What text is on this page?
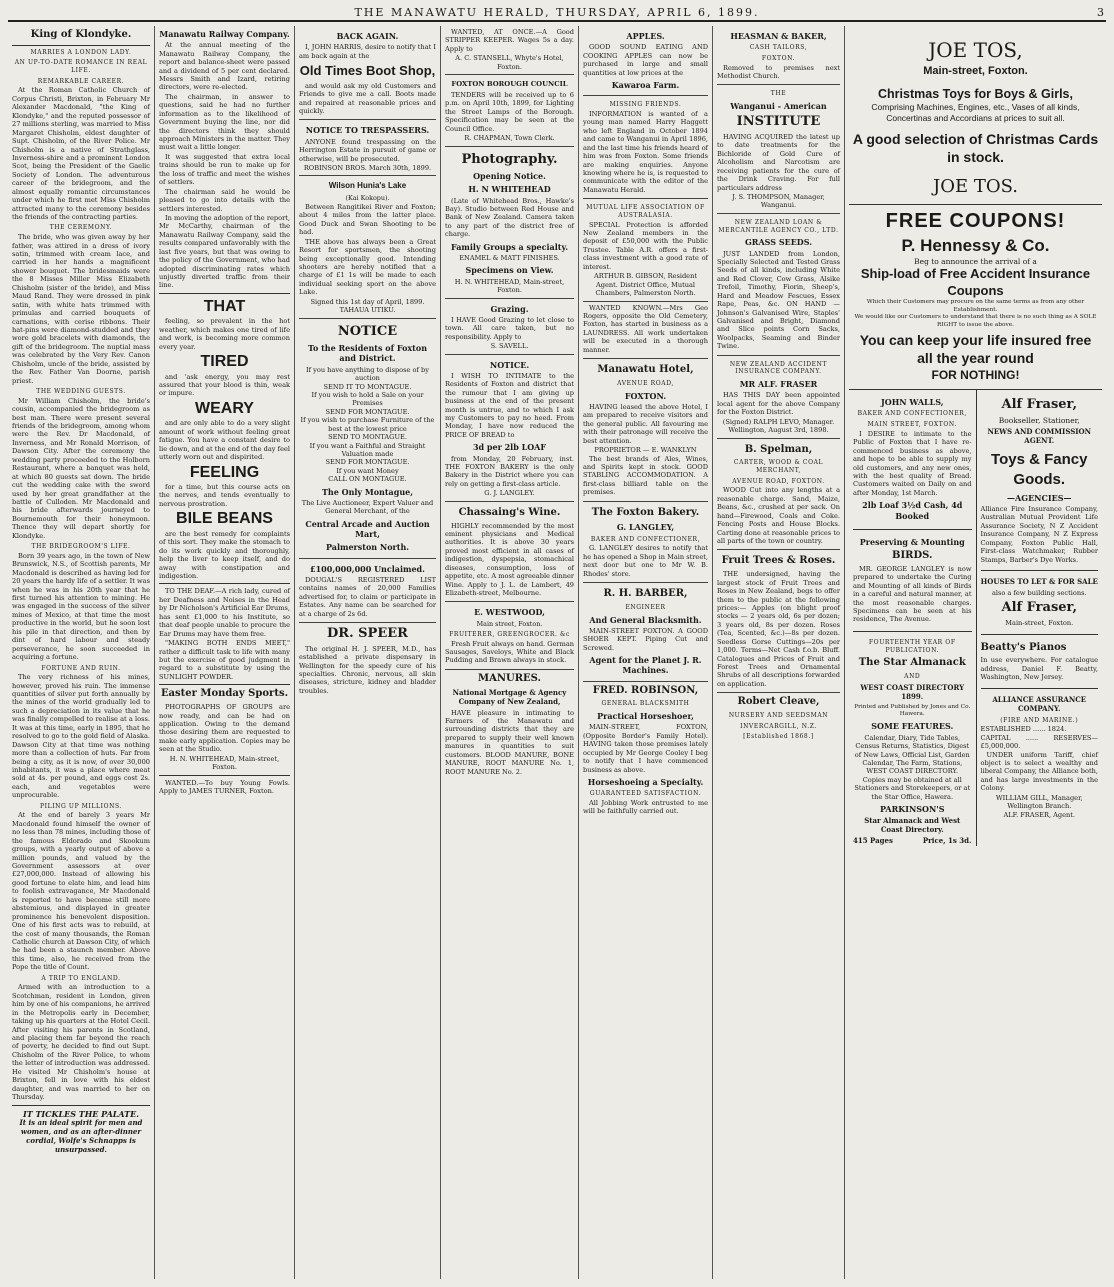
THE MANAWATU HERALD, THURSDAY, APRIL 6, 1899.	3
King of Klondyke.
MARRIES A LONDON LADY.
AN UP-TO-DATE ROMANCE IN REAL LIFE.
REMARKABLE CAREER.

At the Roman Catholic Church of Corpus Christi, Brixton, in February Mr Alexander Macdonald, "the King of Klondyke," and the reputed possessor of 27 millions sterling, was married to Miss Margaret Chisholm, eldest daughter of Supt. Chisholm, of the River Police. Mr Chisholm is a native of Strathglass, Inverness-shire and a prominent London Scot, being the President of the Gaelic Society of London. The adventurous career of the bridegroom, and the almost equally romantic circumstances under which he first met Miss Chisholm attracted many to the ceremony besides the friends of the contracting parties.

THE CEREMONY.

The bride, who was given away by her father, was attired in a dress of ivory satin, trimmed with cream lace, and carried in her hands a magnificent shower bouquet. The bridesmaids were the 8 Misses Miller Miss Elizabeth Chisholm (sister of the bride), and Miss Maud Rand. They were dressed in pink satin, with white hats trimmed with primulas and carried bouquets of carnations, with cerise ribbons. Their hat-pins were diamond-studded and they wore gold bracelets with diamonds, the gift of the bridegroom. The nuptial mass was celebrated by the Very Rev. Canon Chisholm, uncle of the bride, assisted by the Rev. Father Van Doorne, parish priest.

THE WEDDING GUESTS.

Mr William Chisholm, the bride's cousin, accompanied the bridegroom as best man. There were present several friends of the bridegroom, among whom were the Rev. Dr Macdonald, of Inverness, and Mr Ronald Morrison, of Dawson City. After the ceremony the wedding party proceeded to the Holborn Restaurant, where a banquet was held, at which 80 guests sat down. The bride cut the wedding cake with the sword used by her great grandfather at the battle of Culloden. Mr Macdonald and his bride afterwards journeyed to Bournemouth for their honeymoon. Thence they will depart shortly for Klondyke.

THE BRIDEGROOM'S LIFE.

Born 39 years ago, in the town of New Brunswick, N.S., of Scottish parents, Mr Macdonald is described as having led for 20 years the hardy life of a settler. It was when he was in his 20th year that he first turned his attention to mining. He was engaged in the success of the silver mines of Mexico, at that time the most productive in the world, but he soon lost his pile in that direction, and then by dint of hard labour and steady perseverance, he soon succeeded in acquiring a fortune.

FORTUNE AND RUIN.

The very richness of his mines, however, proved his ruin. The immense quantities of silver put forth annually by the mines of the world gradually led to such a depreciation in its value that he was finally compelled to realise at a loss. It was at this time, early in 1895, that he resolved to go to the gold field of Alaska. Dawson City at that time was nothing more than a collection of huts. Far from being a city, as it is now, of over 30,000 inhabitants, it was a place where meat sold at 4s. per pound, and eggs cost 2s. each, and vegetables were unprocurable.

PILING UP MILLIONS.

At the end of barely 3 years Mr Macdonald found himself the owner of no less than 78 mines, including those of the famous Eldorado and Skookum groups, with a yearly output of above a million pounds, and valued by the Government assessors at over £27,000,000. Instead of allowing his good fortune to elate him, and lead him to foolish extravagance, Mr Macdonald is reported to have become still more abstemious, and displayed in greater prominence his benevolent disposition. One of his first acts was to rebuild, at the cost of many thousands, the Roman Catholic church at Dawson City, of which he had been a staunch member. Above this time, also, he received from the Pope the title of Count.

A TRIP TO ENGLAND.

Armed with an introduction to a Scotchman, resident in London, given him by one of his companions, he arrived in the Metropolis early in December, taking up his quarters at the Hotel Cecil. After visiting his parents in Scotland, and placing them far beyond the reach of poverty, he decided to find out Supt. Chisholm of the River Police, to whom the letter of introduction was addressed. He visited Mr Chisholm's house at Brixton, fell in love with his eldest daughter, and was married to her on Thursday.

IT TICKLES THE PALATE.
It is an ideal spirit for men and women, and as an after-dinner cordial, Wolfe's Schnapps is unsurpassed.
Manawatu Railway Company.

At the annual meeting of the Manawatu Railway Company, the report and balance-sheet were passed and a dividend of 5 per cent declared. Messrs Smith and Izard, retiring directors, were re-elected.

The chairman, in answer to questions, said he had no further information as to the likelihood of Government buying the line, nor did the directors think they should approach Ministers in the matter. They must wait a little longer.

It was suggested that extra local trains should be run to make up for the loss of traffic and meet the wishes of settlers.

The chairman said he would be pleased to go into details with the settlers interested.

In moving the adoption of the report, Mr McCarthy, chairman of the Manawatu Railway Company, said the results compared unfavorably with the last five years, but that was owing to the policy of the Government, who had adopted discriminating rates which unjustly diverted traffic from their line.

THAT

feeling, so prevalent in the hot weather, which makes one tired of life and work, is becoming more common every year.

TIRED

and 'ask energy, you may rest assured that your blood is thin, weak or impure.

WEARY

and are only able to do a very slight amount of work without feeling great fatigue. You have a constant desire to lie down, and at the end of the day feel utterly worn out and dispirited.

FEELING

for a time, but this course acts on the nerves, and tends eventually to nervous prostration.

BILE BEANS

are the best remedy for complaints of this sort. They make the stomach to do its work quickly and thoroughly, help the liver to keep itself, and do away with constipation and indigestion.

TO THE DEAF.—A rich lady, cured of her Deafness and Noises in the Head by Dr Nicholson's Artificial Ear Drums, has sent £1,000 to his Institute, so that deaf people unable to procure the Ear Drums may have them free.

"MAKING BOTH ENDS MEET," rather a difficult task to life with many but the exercise of good judgment in regard to a substitute by using the SUNLIGHT POWDER.

Easter Monday Sports.

PHOTOGRAPHS OF GROUPS are now ready, and can be had on application. Owing to the demand those desiring them are requested to make early application. Copies may be seen at the Studio.

H. N. WHITEHEAD, Main-street, Foxton.

WANTED.—To buy Young Fowls. Apply to JAMES TURNER, Foxton.

BACK AGAIN.

I, JOHN HARRIS, desire to notify that I am back again at the

Old Times Boot Shop,

and would ask my old Customers and Friends to give me a call. Boots made and repaired at reasonable prices and quickly.

NOTICE TO TRESPASSERS.

ANYONE found trespassing on the Herrington Estate in pursuit of game or otherwise, will be prosecuted.

ROBINSON BROS. March 30th, 1899.
Wilson Hunia's Lake
(Kai Kokopu).

Between Rangitikei River and Foxton; about 4 miles from the latter place. Good Duck and Swan Shooting to be had.

THE above has always been a Great Resort for sportsmen, the shooting being exceptionally good. Intending shooters are hereby notified that a charge of £1 1s will be made to each individual seeking sport on the above Lake.

Signed this 1st day of April, 1899. TAHAUA UTIKU.
NOTICE
To the Residents of Foxton and District.
If you have anything to dispose of by auction
SEND IT TO MONTAGUE.
If you wish to hold a Sale on your Premises
SEND FOR MONTAGUE.
If you wish to purchase Furniture of the best at the lowest price
SEND TO MONTAGUE.
If you want a Faithful and Straight Valuation made
SEND FOR MONTAGUE.
If you want Money
CALL ON MONTAGUE.
The Only Montague,

The Live Auctioneer, Expert Valuer and General Merchant, of the

Central Arcade and Auction Mart,
Palmerston North.
£100,000,000 Unclaimed.

DOUGAL'S REGISTERED LIST contains names of 20,000 Families advertised for, to claim or participate in Estates. Any name can be searched for at a charge of 2s 6d.

DR. SPEER

The original H. J. SPEER, M.D., has established a private dispensary in Wellington for the speedy cure of his specialties. Chronic, nervous, all skin diseases, stricture, kidney and bladder troubles.

WANTED, AT ONCE.—A Good STRIPPER KEEPER. Wages 5s a day. Apply to

A. C. STANSELL, Whyte's Hotel, Foxton.
FOXTON BOROUGH COUNCIL

TENDERS will be received up to 6 p.m. on April 10th, 1899, for Lighting the Street Lamps of the Borough. Specification may be seen at the Council Office.

R. CHAPMAN, Town Clerk.
Photography.
Opening Notice.
H. N WHITEHEAD

(Late of Whitehead Bros., Hawke's Bay). Studio between Red House and Bank of New Zealand. Camera taken to any part of the district free of charge.

Family Groups a specialty.
ENAMEL & MATT FINISHES.
Specimens on View.
H. N. WHITEHEAD, Main-street, Foxton.
Grazing.

I HAVE Good Grazing to let close to town. All care taken, but no responsibility. Apply to

S. SAVELL.
NOTICE.

I WISH TO INTIMATE to the Residents of Foxton and district that the rumour that I am giving up business at the end of the present month is untrue, and to which I ask my Customers to pay no heed. From Monday, I have now reduced the PRICE OF BREAD to

3d per 2lb LOAF

from Monday, 20 February, inst. THE FOXTON BAKERY is the only Bakery in the District where you can rely on getting a first-class article.

G. J. LANGLEY.
Chassaing's Wine.

HIGHLY recommended by the most eminent physicians and Medical authorities. It is above 30 years proved most efficient in all cases of indigestion, dyspepsia, stomachical diseases, consumption, loss of appetite, etc. A most agreeable dinner Wine. Apply to J. L. de Lambert, 49 Elizabeth-street, Melbourne.

E. WESTWOOD,
Main street, Foxton.
FRUITERER, GREENGROCER. &c

Fresh Fruit always on hand. German Sausages, Saveloys, White and Black Pudding and Brawn always in stock.

MANURES.
National Mortgage & Agency Company of New Zealand,

HAVE pleasure in intimating to Farmers of the Manawatu and surrounding districts that they are prepared to supply their well known manures in quantities to suit customers. BLOOD MANURE, BONE MANURE, ROOT MANURE No. 1, ROOT MANURE No. 2.

APPLES.

GOOD SOUND EATING AND COOKING APPLES can now be purchased in large and small quantities at low prices at the

Kawaroa Farm.
MISSING FRIENDS.

INFORMATION is wanted of a young man named Harry Haggett who left England in October 1894 and came to Wanganui in April 1896, and the last time his friends heard of him was from Foxton. Some friends are making enquiries. Anyone knowing where he is, is requested to communicate with the editor of the Manawatu Herald.

MUTUAL LIFE ASSOCIATION OF AUSTRALASIA.

SPECIAL Protection is afforded New Zealand members in the deposit of £50,000 with the Public Trustee. Table A.R. offers a first-class investment with a good rate of interest.

ARTHUR B. GIBSON, Resident Agent. District Office, Mutual Chambers, Palmerston North.

WANTED KNOWN.—Mrs Geo Rogers, opposite the Old Cemetery, Foxton, has started in business as a LAUNDRESS. All work undertaken will be executed in a thorough manner.

Manawatu Hotel,
AVENUE ROAD,
FOXTON.

HAVING leased the above Hotel, I am prepared to receive visitors and the general public. All favouring me with their patronage will receive the best attention.

PROPRIETOR — E. WANKLYN

The best brands of Ales, Wines, and Spirits kept in stock. GOOD STABLING ACCOMMODATION. A first-class billiard table on the premises.

The Foxton Bakery.
G. LANGLEY,
BAKER AND CONFECTIONER,

G. LANGLEY desires to notify that he has opened a Shop in Main street, next door but one to Mr W. B. Rhodes' store.

R. H. BARBER,
ENGINEER
And General Blacksmith.

MAIN-STREET FOXTON. A GOOD SHOER KEPT. Piping Cut and Screwed.

Agent for the Planet J. R. Machines.
FRED. ROBINSON,
GENERAL BLACKSMITH
Practical Horseshoer,

MAIN-STREET, FOXTON, (Opposite Border's Family Hotel). HAVING taken those premises lately occupied by Mr George Cooley I beg to notify that I have commenced business as above.

Horseshoeing a Specialty.
GUARANTEED SATISFACTION.

All Jobbing Work entrusted to me will be faithfully carried out.

HEASMAN & BAKER,
CASH TAILORS,
FOXTON.

Removed to premises next Methodist Church.

THE
Wanganui - American
INSTITUTE

HAVING ACQUIRED the latest up to date treatments for the Bichloride of Gold Cure of Alcoholism and Narcotism are receiving patients for the cure of the Drink Craving. For full particulars address

J. S. THOMPSON, Manager, Wanganui.
NEW ZEALAND LOAN & MERCANTILE AGENCY CO., LTD.
GRASS SEEDS.

JUST LANDED from London, Specially Selected and Tested Grass Seeds of all kinds, including White and Red Clover, Cow Grass, Alsike Trefoil, Timothy, Fiorin, Sheep's, Hard and Meadow Fescues, Essex Rape, Peas, &c. ON HAND — Johnson's Galvanised Wire, Staples' Galvanised and Bright, Diamond and Slice points Corn Sacks, Woolpacks, Seaming and Binder Twine.

NEW ZEALAND ACCIDENT INSURANCE COMPANY.
MR ALF. FRASER

HAS THIS DAY been appointed local agent for the above Company for the Foxton District.

(Signed) RALPH LEVO, Manager. Wellington, August 3rd, 1898.
B. Spelman,
CARTER, WOOD & COAL MERCHANT,
AVENUE ROAD, FOXTON.

WOOD Cut into any lengths at a reasonable charge. Sand, Maize, Beans, &c., crushed at per sack. On hand—Firewood, Coals and Coke. Fencing Posts and House Blocks. Carting done at reasonable prices to all parts of the town or country.

Fruit Trees & Roses.

THE undersigned, having the largest stock of Fruit Trees and Roses in New Zealand, begs to offer them to the public at the following prices:— Apples (on blight proof stocks — 2 years old, 6s per dozen; 3 years old, 8s per dozen. Roses (Tea, Scented, &c.)—8s per dozen. Seedless Gorse Cuttings—20s per 1,000. Terms—Net Cash f.o.b. Bluff. Catalogues and Prices of Fruit and Forest Trees and Ornamental Shrubs of all descriptions forwarded on application.

Robert Cleave,
NURSERY AND SEEDSMAN
INVERCARGILL, N.Z.
[Established 1868.]
JOE TOS,
Main-street, Foxton.
Christmas Toys for Boys & Girls,
Comprising Machines, Engines, etc., Vases of all kinds, Concertinas and Accordians at prices to suit all.
A good selection of Christmas Cards in stock.
JOE TOS.
FREE COUPONS!
P. Hennessy & Co.
Beg to announce the arrival of a
Ship-load of Free Accident Insurance Coupons
Which their Customers may procure on the same terms as from any other Establishment.
We would like our Customers to understand that there is no such thing as A SOLE RIGHT to issue the above.
You can keep your life insured free all the year round
FOR NOTHING!
JOHN WALLS,
BAKER AND CONFECTIONER,
MAIN STREET, FOXTON.

I DESIRE to intimate to the Public of Foxton that I have re-commenced business as above, and hope to be able to supply my old customers, and any new ones, with the best quality of Bread. Customers waited on Daily on and after Monday, 1st March.

2lb Loaf 3½d Cash, 4d Booked
Preserving & Mounting
BIRDS.

MR. GEORGE LANGLEY is now prepared to undertake the Curing and Mounting of all kinds of Birds in a careful and natural manner, at the most reasonable charges. Specimens can be seen at his residence, The Avenue.

FOURTEENTH YEAR OF PUBLICATION.
The Star Almanack
AND
WEST COAST DIRECTORY 1899.
Printed and Published by Jones and Co. Hawera.
SOME FEATURES.

Calendar, Diary, Tide Tables, Census Returns, Statistics, Digest of New Laws, Official List, Garden Calendar, The Farm, Stations, WEST COAST DIRECTORY.

Copies may be obtained at all Stationers and Storekeepers, or at the Star Office, Hawera.

PARKINSON'S
Star Almanack and West Coast Directory.
415 Pages	Price, 1s 3d.
Alf Fraser,
Bookseller, Stationer,
NEWS AND COMMISSION AGENT.
Toys & Fancy Goods.
—AGENCIES—

Alliance Fire Insurance Company, Australian Mutual Provident Life Assurance Society, N Z Accident Insurance Company, N Z Express Company, Foxton Public Hall, First-class Watchmaker, Rubber Stamps, Barber's Dye Works.

HOUSES TO LET & FOR SALE
also a few building sections.
Alf Fraser,
Main-street, Foxton.
Beatty's Pianos

In use everywhere. For catalogue address, Daniel F. Beatty, Washington, New Jersey.

ALLIANCE ASSURANCE COMPANY.
(FIRE AND MARINE.)
ESTABLISHED ...... 1824.
CAPITAL ...... RESERVES— £5,000,000.

UNDER uniform Tariff, chief object is to select a wealthy and liberal Company, the Alliance both, and has large investments in the Colony.

WILLIAM GILL, Manager, Wellington Branch.
ALF. FRASER, Agent.
